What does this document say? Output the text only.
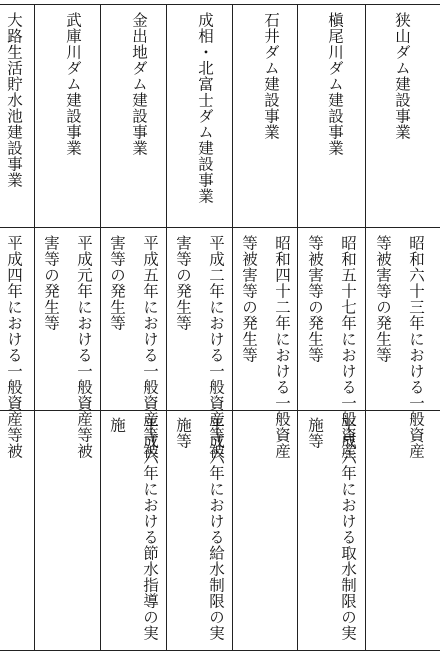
狭山ダム建設事業
昭和六十三年における一般資産
等被害等の発生等
槇尾川ダム建設事業
昭和五十七年における一般資産
等被害等の発生等
平成六年における取水制限の実
施等
石井ダム建設事業
昭和四十二年における一般資産
等被害等の発生等
成相・北富士ダム建設事業
平成二年における一般資産等被
害等の発生等
平成六年における給水制限の実
施等
金出地ダム建設事業
平成五年における一般資産等被
害等の発生等
平成六年における節水指導の実
施
武庫川ダム建設事業
平成元年における一般資産等被
害等の発生等
大路生活貯水池建設事業
平成四年における一般資産等被
